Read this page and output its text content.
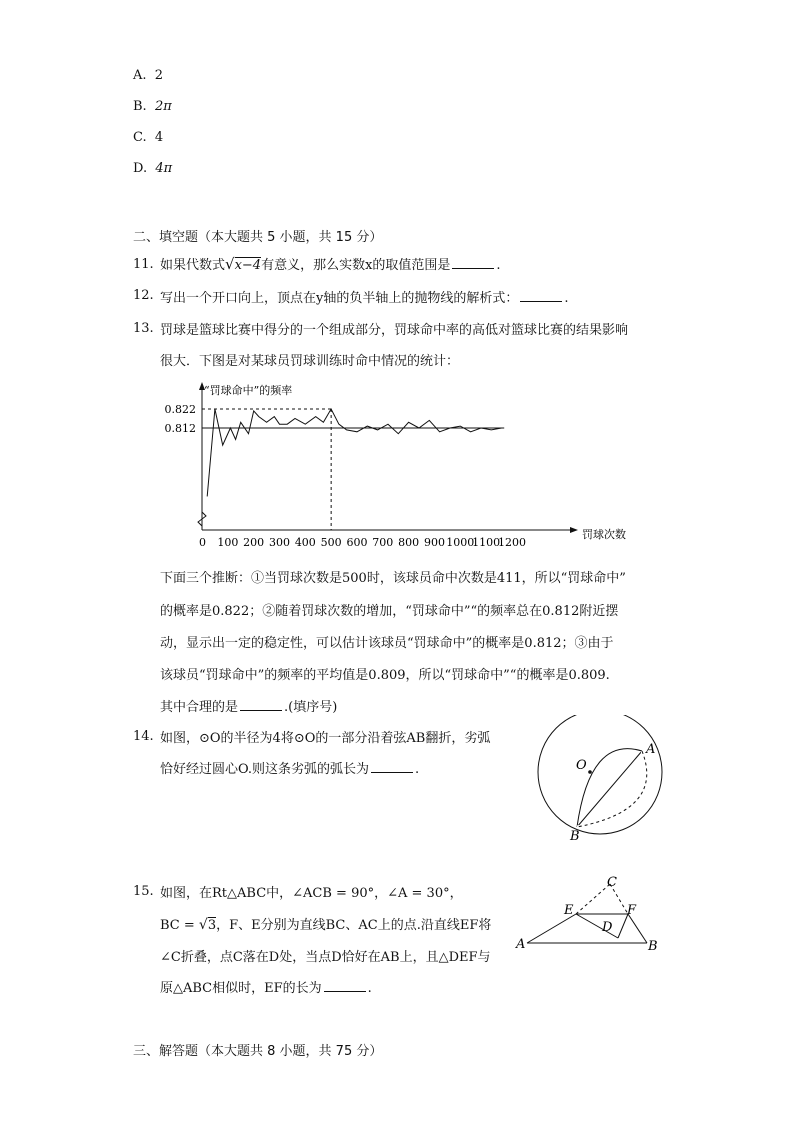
A. 2
B. 2π
C. 4
D. 4π
二、填空题（本大题共 5 小题，共 15 分）
11. 如果代数式√x−4有意义，那么实数x的取值范围是	.
12. 写出一个开口向上，顶点在y轴的负半轴上的抛物线的解析式：	.
13. 罚球是篮球比赛中得分的一个组成部分，罚球命中率的高低对篮球比赛的结果影响
很大．下图是对某球员罚球训练时命中情况的统计：
0 100 200 300 400 500 600 700 800 900 1000
1100
1200
0.822
0.812
“罚球命中”的频率
罚球次数
下面三个推断：①当罚球次数是500时，该球员命中次数是411，所以“罚球命中”
的概率是0.822；②随着罚球次数的增加，“罚球命中”“的频率总在0.812附近摆
动，显示出一定的稳定性，可以估计该球员“罚球命中”的概率是0.812；③由于
该球员“罚球命中”的频率的平均值是0.809，所以“罚球命中”“的概率是0.809.
其中合理的是	.(填序号)
14. 如图，⊙O的半径为4将⊙O的一部分沿着弦AB翻折，劣弧
恰好经过圆心O.则这条劣弧的弧长为	.	O
A
B
15. 如图，在Rt△ABC中，∠ACB = 90°，∠A = 30°，
BC = √3，F、E分别为直线BC、AC上的点.沿直线EF将
∠C折叠，点C落在D处，当点D恰好在AB上，且△DEF与
原△ABC相似时，EF的长为	.
A	B
C
D
E	F
三、解答题（本大题共 8 小题，共 75 分）
